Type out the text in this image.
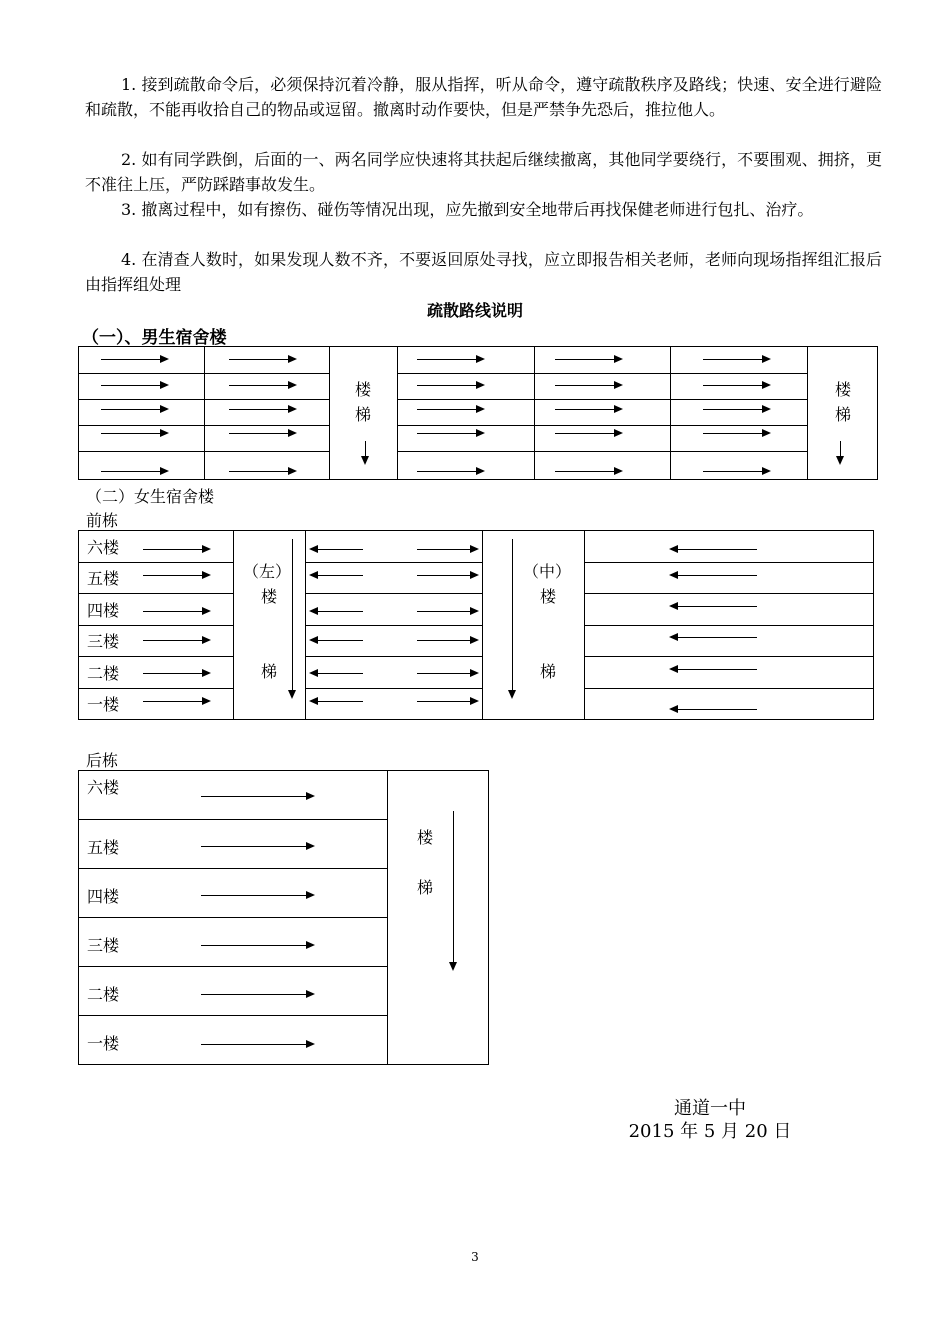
1. 接到疏散命令后，必须保持沉着冷静，服从指挥，听从命令，遵守疏散秩序及路线；快速、安全进行避险和疏散，不能再收拾自己的物品或逗留。撤离时动作要快，但是严禁争先恐后，推拉他人。

2. 如有同学跌倒，后面的一、两名同学应快速将其扶起后继续撤离，其他同学要绕行，不要围观、拥挤，更不准往上压，严防踩踏事故发生。

3. 撤离过程中，如有擦伤、碰伤等情况出现，应先撤到安全地带后再找保健老师进行包扎、治疗。

4. 在清查人数时，如果发现人数不齐，不要返回原处寻找，应立即报告相关老师，老师向现场指挥组汇报后由指挥组处理

疏散路线说明
（一）、男生宿舍楼
楼
梯
楼
梯
（二）女生宿舍楼
前栋
六楼
五楼
四楼
三楼
二楼
一楼
（左）
楼
梯
（中）
楼
梯
后栋
六楼
五楼
四楼
三楼
二楼
一楼
楼
梯
通道一中
2015 年 5 月 20 日
3
